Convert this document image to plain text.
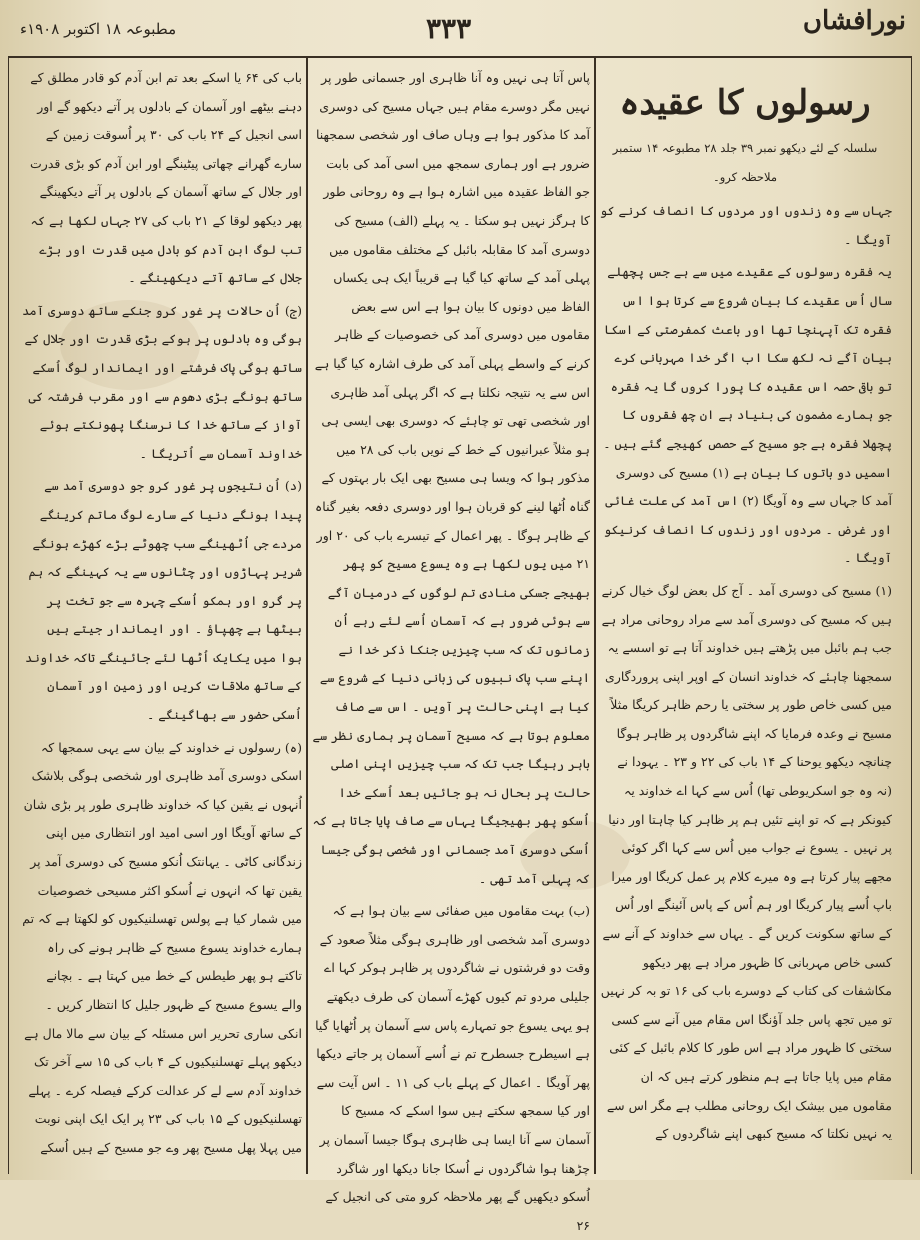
نورافشاں
۳۳۳
مطبوعہ ۱۸ اکتوبر ۱۹۰۸ء
رسولوں کا عقیدہ

سلسلہ کے لئے دیکھو نمبر ۳۹ جلد ۲۸ مطبوعہ ۱۴ ستمبر ملاحظہ کرو۔

جہاں سے وہ زندوں اور مردوں کا انصاف کرنے کو آویگا ۔

یہ فقرہ رسولوں کے عقیدے میں سے ہے جس پچھلے سال اُس عقیدے کا بیان شروع سے کرتا ہوا اس فقرہ تک آپہنچا تھا اور باعث کمفرصتی کے اسکا بیان آگے نہ لکھ سکا اب اگر خدا مہربانی کرے تو باقی حصہ اس عقیدہ کا پورا کروں گا یہ فقرہ جو ہمارے مضمون کی بنیاد ہے ان چھ فقروں کا پچھلا فقرہ ہے جو مسیح کے حصص کھیجے گئے ہیں ۔ اسمیں دو باتوں کا بیان ہے (۱) مسیح کی دوسری آمد کا جہاں سے وہ آویگا (۲) اس آمد کی علت غائی اور غرض ۔ مردوں اور زندوں کا انصاف کرنیکو آویگا ۔

(۱) مسیح کی دوسری آمد ۔ آج کل بعض لوگ خیال کرنے ہیں کہ مسیح کی دوسری آمد سے مراد روحانی مراد ہے جب ہم بائبل میں پڑھتے ہیں خداوند آتا ہے تو اسسے یہ سمجھنا چاہئے کہ خداوند انسان کے اوپر اپنی پروردگاری میں کسی خاص طور پر سختی یا رحم ظاہر کریگا مثلاً مسیح نے وعدہ فرمایا کہ اپنے شاگردوں پر ظاہر ہوگا چنانچہ دیکھو یوحنا کے ۱۴ باب کی ۲۲ و ۲۳ ۔ یہودا نے (نہ وہ جو اسکریوطی تھا) اُس سے کہا اے خداوند یہ کیونکر ہے کہ تو اپنے تئیں ہم پر ظاہر کیا چاہتا اور دنیا پر نہیں ۔ یسوع نے جواب میں اُس سے کہا اگر کوئی مجھے پیار کرتا ہے وہ میرے کلام پر عمل کریگا اور میرا باپ اُسے پیار کریگا اور ہم اُس کے پاس آئینگے اور اُس کے ساتھ سکونت کریں گے ۔ یہاں سے خداوند کے آنے سے کسی خاص مہربانی کا ظہور مراد ہے پھر دیکھو مکاشفات کی کتاب کے دوسرے باب کی ۱۶ تو بہ کر نہیں تو میں تجھ پاس جلد آؤنگا اس مقام میں آنے سے کسی سختی کا ظہور مراد ہے اس طور کا کلام بائبل کے کئی مقام میں پایا جاتا ہے ہم منظور کرتے ہیں کہ ان مقاموں میں بیشک ایک روحانی مطلب ہے مگر اس سے یہ نہیں نکلتا کہ مسیح کبھی اپنے شاگردوں کے

پاس آتا ہی نہیں وہ آنا ظاہری اور جسمانی طور پر نہیں مگر دوسرے مقام ہیں جہاں مسیح کی دوسری آمد کا مذکور ہوا ہے وہاں صاف اور شخصی سمجھنا ضرور ہے اور ہماری سمجھ میں اسی آمد کی بابت جو الفاظ عقیدہ میں اشارہ ہوا ہے وہ روحانی طور کا ہرگز نہیں ہو سکتا ۔ یہ پہلے (الف) مسیح کی دوسری آمد کا مقابلہ بائبل کے مختلف مقاموں میں پہلی آمد کے ساتھ کیا گیا ہے قریباً ایک ہی یکساں الفاظ میں دونوں کا بیان ہوا ہے اس سے بعض مقاموں میں دوسری آمد کی خصوصیات کے ظاہر کرنے کے واسطے پہلی آمد کی طرف اشارہ کیا گیا ہے اس سے یہ نتیجہ نکلتا ہے کہ اگر پہلی آمد ظاہری اور شخصی تھی تو چاہئے کہ دوسری بھی ایسی ہی ہو مثلاً عبرانیوں کے خط کے نویں باب کی ۲۸ میں مذکور ہوا کہ ویسا ہی مسیح بھی ایک بار بہتوں کے گناہ اُٹھا لینے کو قربان ہوا اور دوسری دفعہ بغیر گناہ کے ظاہر ہوگا ۔ پھر اعمال کے تیسرے باب کی ۲۰ اور ۲۱ میں یوں لکھا ہے وہ یسوع مسیح کو پھر بھیجے جسکی منادی تم لوگوں کے درمیان آگے سے ہوئی ضرور ہے کہ آسمان اُسے لئے رہے اُن زمانوں تک کہ سب چیزیں جنکا ذکر خدا نے اپنے سب پاک نبیوں کی زبانی دنیا کے شروع سے کیا ہے اپنی حالت پر آویں ۔ اس سے صاف معلوم ہوتا ہے کہ مسیح آسمان پر ہماری نظر سے باہر رہیگا جب تک کہ سب چیزیں اپنی اصلی حالت پر بحال نہ ہو جائیں بعد اُسکے خدا اُسکو پھر بھیجیگا یہاں سے صاف پایا جاتا ہے کہ اُسکی دوسری آمد جسمانی اور شخصی ہوگی جیسا کہ پہلی آمد تھی ۔

(ب) بہت مقاموں میں صفائی سے بیان ہوا ہے کہ دوسری آمد شخصی اور ظاہری ہوگی مثلاً صعود کے وقت دو فرشتوں نے شاگردوں پر ظاہر ہوکر کہا اے جلیلی مردو تم کیوں کھڑے آسمان کی طرف دیکھتے ہو یہی یسوع جو تمہارے پاس سے آسمان پر اُٹھایا گیا ہے اسیطرح جسطرح تم نے اُسے آسمان پر جاتے دیکھا پھر آویگا ۔ اعمال کے پہلے باب کی ۱۱ ۔ اس آیت سے اور کیا سمجھ سکتے ہیں سوا اسکے کہ مسیح کا آسمان سے آنا ایسا ہی ظاہری ہوگا جیسا آسمان پر چڑھنا ہوا شاگردوں نے اُسکا جانا دیکھا اور شاگرد اُسکو دیکھیں گے پھر ملاحظہ کرو متی کی انجیل کے ۲۶

باب کی ۶۴ یا اسکے بعد تم ابن آدم کو قادر مطلق کے دہنے بیٹھے اور آسمان کے بادلوں پر آتے دیکھو گے اور اسی انجیل کے ۲۴ باب کی ۳۰ پر اُسوقت زمین کے سارے گھرانے چھاتی پیٹینگے اور ابن آدم کو بڑی قدرت اور جلال کے ساتھ آسمان کے بادلوں پر آتے دیکھینگے پھر دیکھو لوقا کے ۲۱ باب کی ۲۷ جہاں لکھا ہے کہ تب لوگ ابن آدم کو بادل میں قدرت اور بڑے جلال کے ساتھ آتے دیکھینگے ۔

(ج) اُن حالات پر غور کرو جنکے ساتھ دوسری آمد ہوگی وہ بادلوں پر ہوکے بڑی قدرت اور جلال کے ساتھ ہوگی پاک فرشتے اور ایماندار لوگ اُسکے ساتھ ہونگے بڑی دھوم سے اور مقرب فرشتہ کی آواز کے ساتھ خدا کا نرسنگا پھونکتے ہوئے خداوند آسمان سے اُتریگا ۔

(د) اُن نتیجوں پر غور کرو جو دوسری آمد سے پیدا ہونگے دنیا کے سارے لوگ ماتم کرینگے مردے جی اُٹھینگے سب چھوٹے بڑے کھڑے ہونگے شریر پہاڑوں اور چٹانوں سے یہ کہینگے کہ ہم پر گرو اور ہمکو اُسکے چہرہ سے جو تخت پر بیٹھا ہے چھپاؤ ۔ اور ایماندار جیتے ہیں ہوا میں یکایک اُٹھا لئے جائینگے تاکہ خداوند کے ساتھ ملاقات کریں اور زمین اور آسمان اُسکی حضور سے بھاگینگے ۔

(ہ) رسولوں نے خداوند کے بیان سے یہی سمجھا کہ اسکی دوسری آمد ظاہری اور شخصی ہوگی بلاشک اُنہوں نے یقین کیا کہ خداوند ظاہری طور پر بڑی شان کے ساتھ آویگا اور اسی امید اور انتظاری میں اپنی زندگانی کاٹی ۔ یہانتک اُنکو مسیح کی دوسری آمد پر یقین تھا کہ انہوں نے اُسکو اکثر مسیحی خصوصیات میں شمار کیا ہے پولس تھسلنیکیوں کو لکھتا ہے کہ تم ہمارے خداوند یسوع مسیح کے ظاہر ہونے کی راہ تاکتے ہو پھر طیطس کے خط میں کہتا ہے ۔ بچانے والے یسوع مسیح کے ظہور جلیل کا انتظار کریں ۔ انکی ساری تحریر اس مسئلہ کے بیان سے مالا مال ہے دیکھو پہلے تھسلنیکیوں کے ۴ باب کی ۱۵ سے آخر تک خداوند آدم سے لے کر عدالت کرکے فیصلہ کرے ۔ پہلے تھسلنیکیوں کے ۱۵ باب کی ۲۳ پر ایک ایک اپنی نوبت میں پہلا پھل مسیح پھر وے جو مسیح کے ہیں اُسکے
